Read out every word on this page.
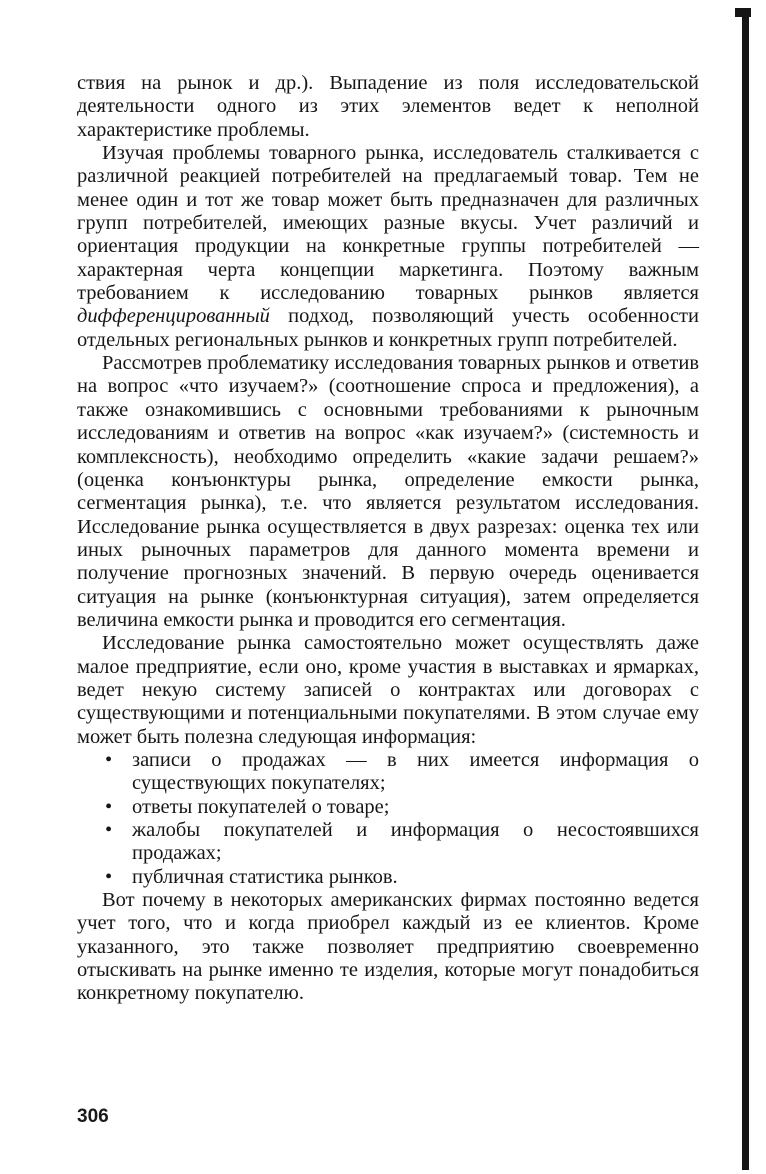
ствия на рынок и др.). Выпадение из поля исследовательской деятельности одного из этих элементов ведет к неполной характеристике проблемы.

Изучая проблемы товарного рынка, исследователь сталкивается с различной реакцией потребителей на предлагаемый товар. Тем не менее один и тот же товар может быть предназначен для различных групп потребителей, имеющих разные вкусы. Учет различий и ориентация продукции на конкретные группы потребителей — характерная черта концепции маркетинга. Поэтому важным требованием к исследованию товарных рынков является дифференцированный подход, позволяющий учесть особенности отдельных региональных рынков и конкретных групп потребителей.

Рассмотрев проблематику исследования товарных рынков и ответив на вопрос «что изучаем?» (соотношение спроса и предложения), а также ознакомившись с основными требованиями к рыночным исследованиям и ответив на вопрос «как изучаем?» (системность и комплексность), необходимо определить «какие задачи решаем?» (оценка конъюнктуры рынка, определение емкости рынка, сегментация рынка), т.е. что является результатом исследования. Исследование рынка осуществляется в двух разрезах: оценка тех или иных рыночных параметров для данного момента времени и получение прогнозных значений. В первую очередь оценивается ситуация на рынке (конъюнктурная ситуация), затем определяется величина емкости рынка и проводится его сегментация.

Исследование рынка самостоятельно может осуществлять даже малое предприятие, если оно, кроме участия в выставках и ярмарках, ведет некую систему записей о контрактах или договорах с существующими и потенциальными покупателями. В этом случае ему может быть полезна следующая информация:

• записи о продажах — в них имеется информация о существующих покупателях;
• ответы покупателей о товаре;
• жалобы покупателей и информация о несостоявшихся продажах;
• публичная статистика рынков.

Вот почему в некоторых американских фирмах постоянно ведется учет того, что и когда приобрел каждый из ее клиентов. Кроме указанного, это также позволяет предприятию своевременно отыскивать на рынке именно те изделия, которые могут понадобиться конкретному покупателю.

306
